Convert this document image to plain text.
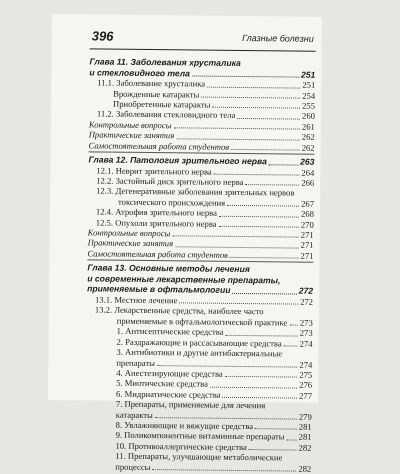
396	Глазные болезни
Глава 11. Заболевания хрусталика
и стекловидного тела	251
11.1. Заболевание хрусталика	251
Врожденные катаракты	254
Приобретенные катаракты	255
11.2. Заболевания стекловидного тела	260
Контрольные вопросы	261
Практические занятия	262
Самостоятельная работа студентов	262
Глава 12. Патология зрительного нерва	263
12.1. Неврит зрительного нерва	264
12.2. Застойный диск зрительного нерва	266
12.3. Дегенеративные заболевания зрительных нервов
токсического происхождения	267
12.4. Атрофия зрительного нерва	268
12.5. Опухоли зрительного нерва	270
Контрольные вопросы	271
Практические занятия	271
Самостоятельная работа студентов	271
Глава 13. Основные методы лечения
и современные лекарственные препараты,
применяемые в офтальмологии	272
13.1. Местное лечение	272
13.2. Лекарственные средства, наиболее часто
применяемые в офтальмологической практике 273
1. Антисептические средства	273
2. Раздражающие и рассасывающие средства 274
3. Антибиотики и другие антибактериальные
препараты	274
4. Анестезирующие средства	275
5. Миотические средства	276
6. Мидриатические средства	277
7. Препараты, применяемые для лечения
катаракты	279
8. Увлажняющие и вяжущие средства	281
9. Поликомпонентные витаминные препараты 281
10. Противоаллергические средства	282
11. Препараты, улучшающие метаболические
процессы	282
